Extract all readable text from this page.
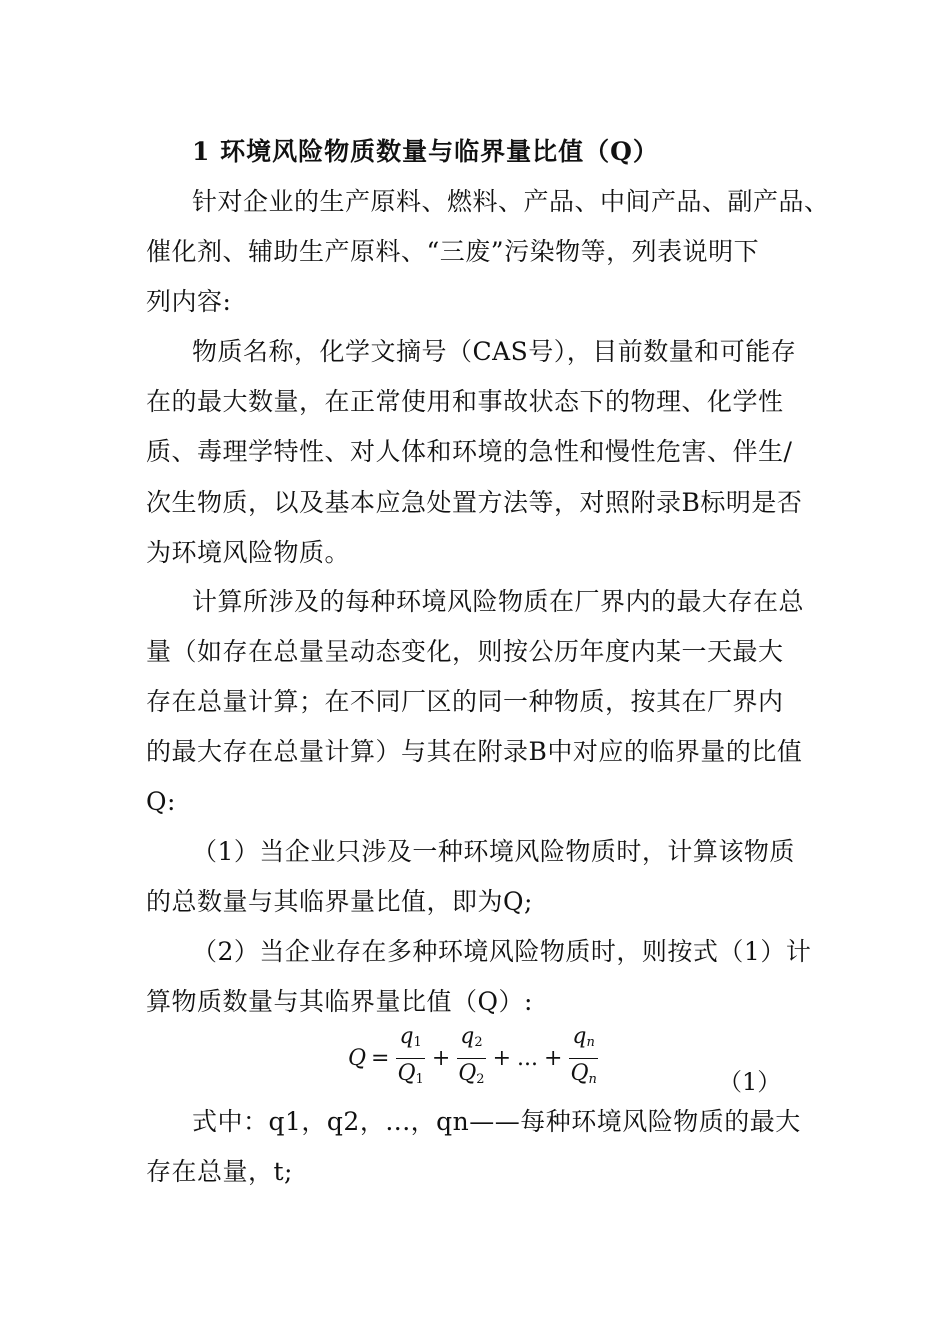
1 环境风险物质数量与临界量比值（Q）
针对企业的生产原料、燃料、产品、中间产品、副产品、
催化剂、辅助生产原料、“三废”污染物等，列表说明下
列内容:
物质名称，化学文摘号（CAS号），目前数量和可能存
在的最大数量，在正常使用和事故状态下的物理、化学性
质、毒理学特性、对人体和环境的急性和慢性危害、伴生/
次生物质，以及基本应急处置方法等，对照附录B标明是否
为环境风险物质。
计算所涉及的每种环境风险物质在厂界内的最大存在总
量（如存在总量呈动态变化，则按公历年度内某一天最大
存在总量计算；在不同厂区的同一种物质，按其在厂界内
的最大存在总量计算）与其在附录B中对应的临界量的比值
Q:
（1）当企业只涉及一种环境风险物质时，计算该物质
的总数量与其临界量比值，即为Q;
（2）当企业存在多种环境风险物质时，则按式（1）计
算物质数量与其临界量比值（Q）:
$Q = \frac{q_1}{Q_1} + \frac{q_2}{Q_2}$ + ... + $\frac{q_n}{Q_n}$	（1）
式中：q1，q2，...，qn——每种环境风险物质的最大
存在总量，t;
